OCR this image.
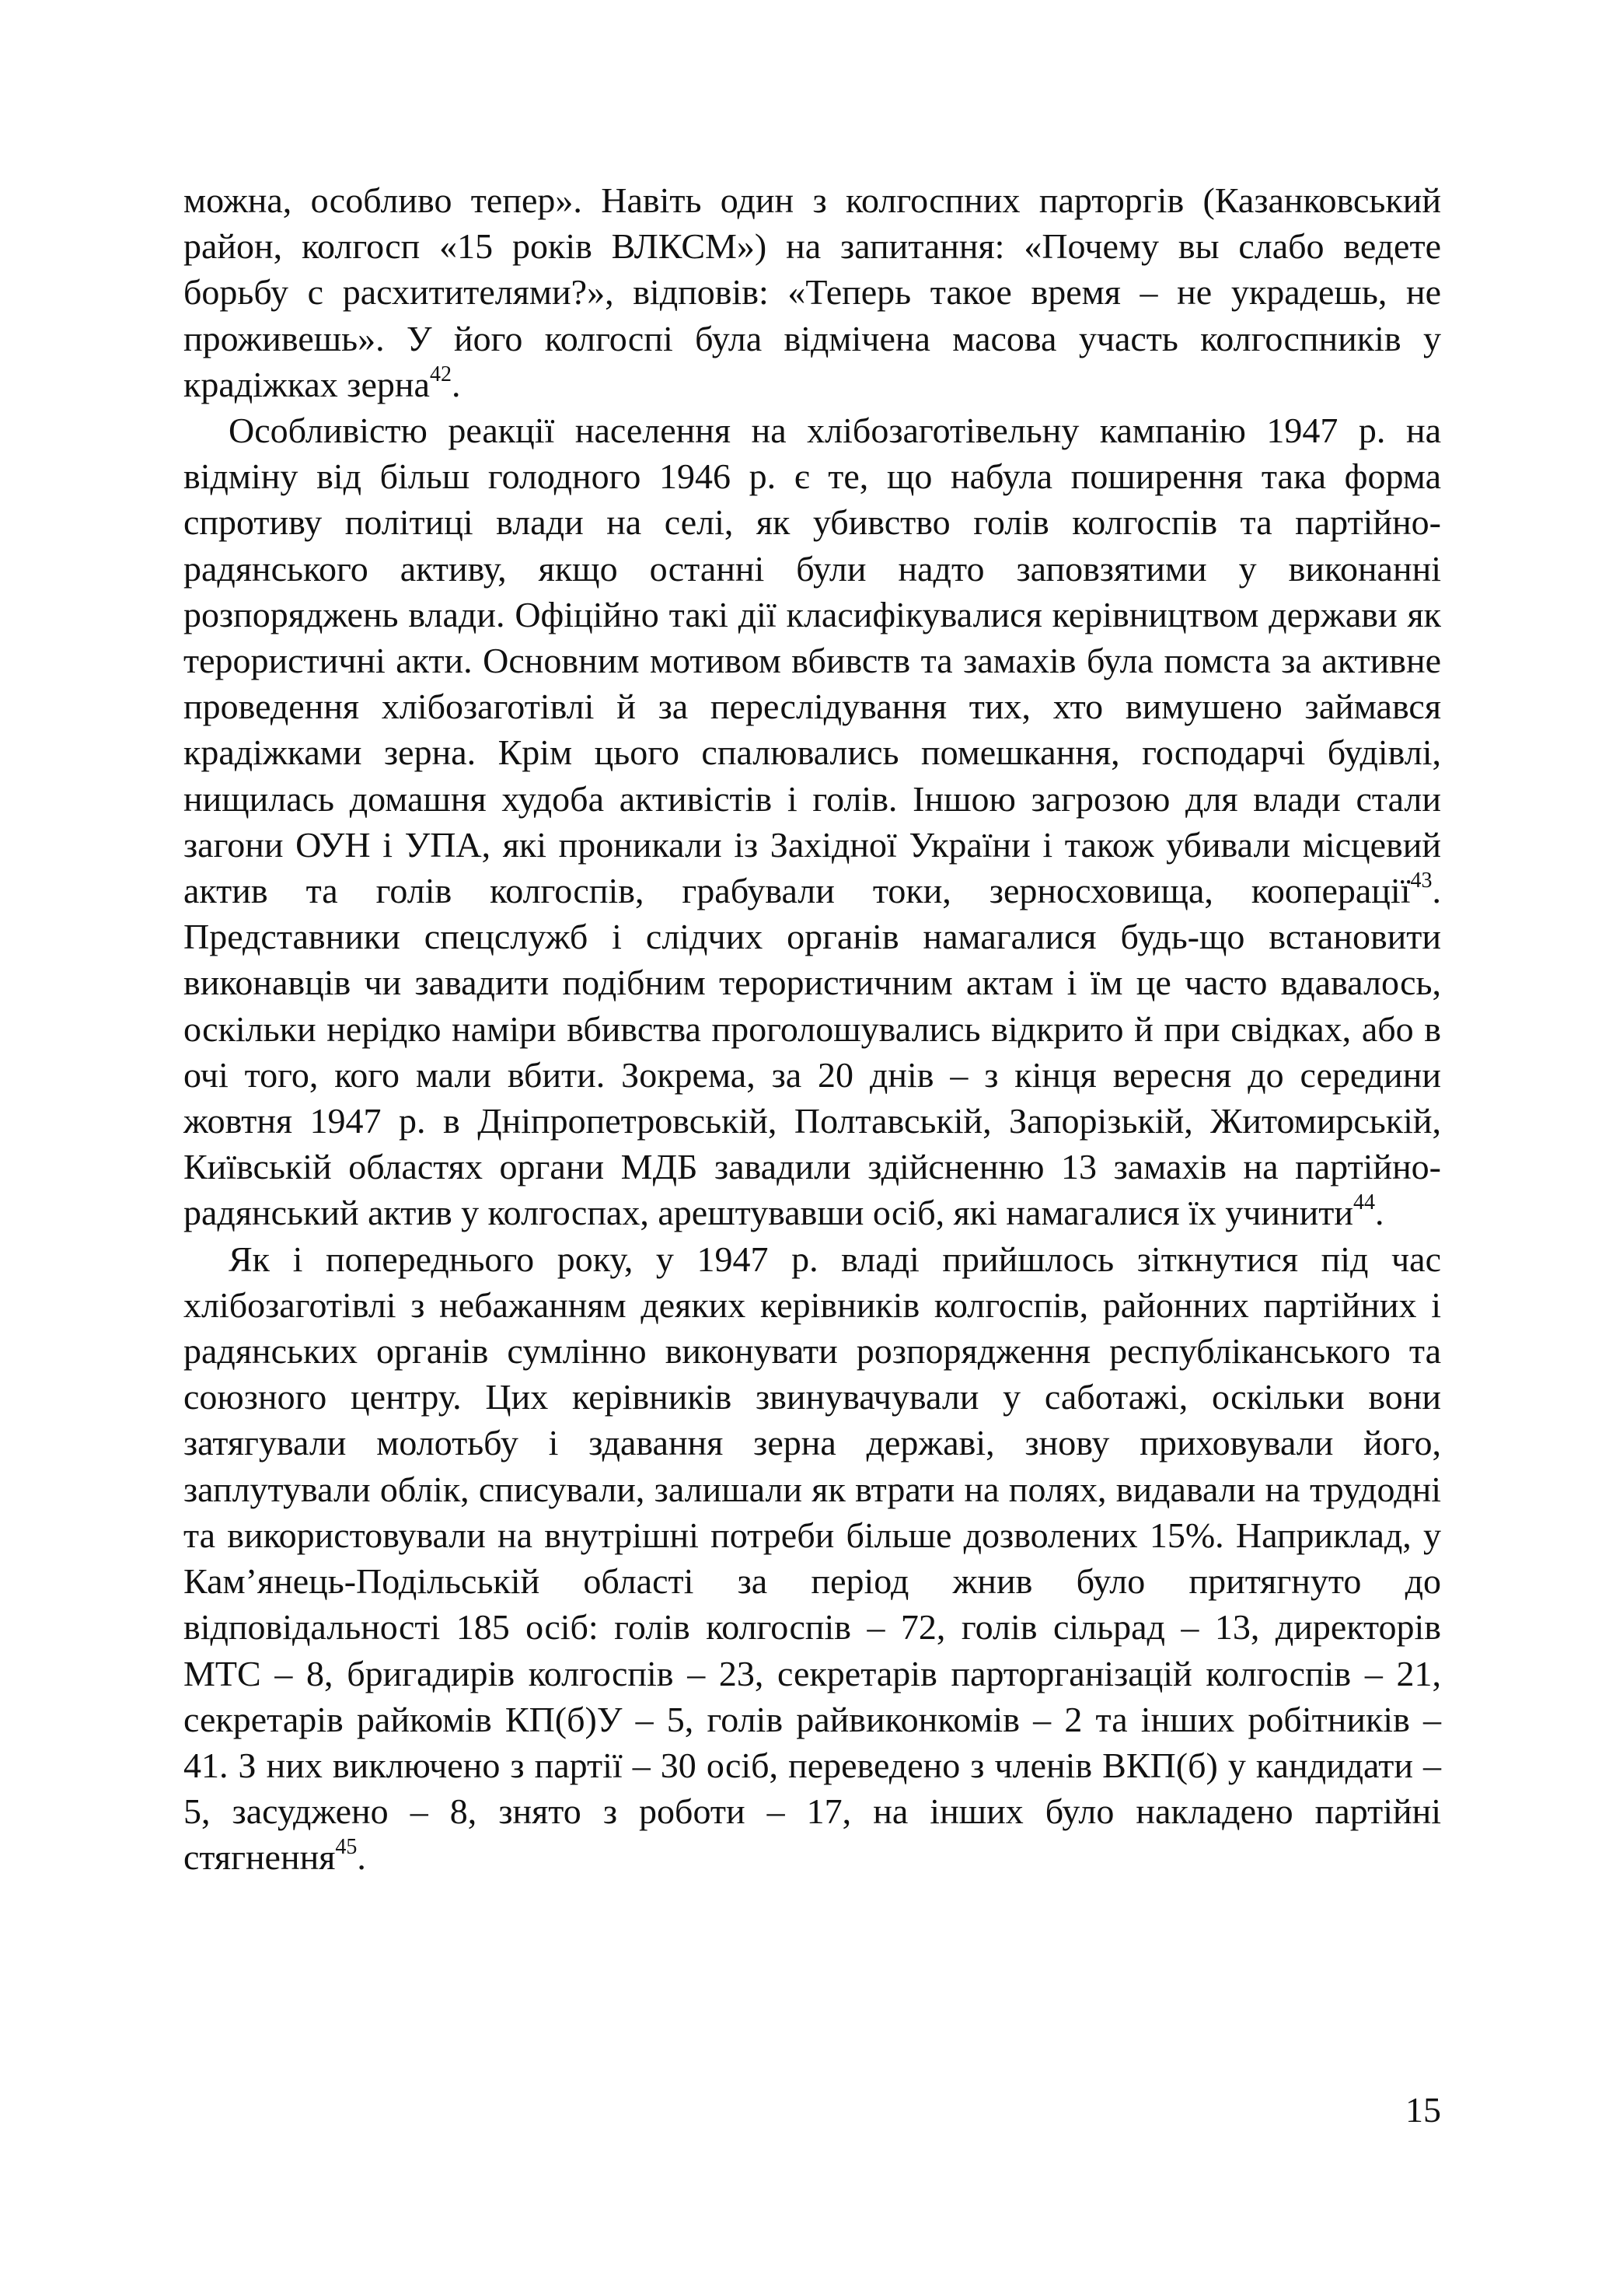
можна, особливо тепер». Навіть один з колгоспних парторгів (Казанковський район, колгосп «15 років ВЛКСМ») на запитання: «Почему вы слабо ведете борьбу с расхитителями?», відповів: «Теперь такое время – не украдешь, не проживешь». У його колгоспі була відмічена масова участь колгоспників у крадіжках зерна$^{42}$.

Особливістю реакції населення на хлібозаготівельну кампанію 1947 р. на відміну від більш голодного 1946 р. є те, що набула поширення така форма спротиву політиці влади на селі, як убивство голів колгоспів та партійно-радянського активу, якщо останні були надто заповзятими у виконанні розпоряджень влади. Офіційно такі дії класифікувалися керівництвом держави як терористичні акти. Основним мотивом вбивств та замахів була помста за активне проведення хлібозаготівлі й за переслідування тих, хто вимушено займався крадіжками зерна. Крім цього спалювались помешкання, господарчі будівлі, нищилась домашня худоба активістів і голів. Іншою загрозою для влади стали загони ОУН і УПА, які проникали із Західної України і також убивали місцевий актив та голів колгоспів, грабували токи, зерносховища, кооперації$^{43}$. Представники спецслужб і слідчих органів намагалися будь-що встановити виконавців чи завадити подібним терористичним актам і їм це часто вдавалось, оскільки нерідко наміри вбивства проголошувались відкрито й при свідках, або в очі того, кого мали вбити. Зокрема, за 20 днів – з кінця вересня до середини жовтня 1947 р. в Дніпропетровській, Полтавській, Запорізькій, Житомирській, Київській областях органи МДБ завадили здійсненню 13 замахів на партійно-радянський актив у колгоспах, арештувавши осіб, які намагалися їх учинити$^{44}$.

Як і попереднього року, у 1947 р. владі прийшлось зіткнутися під час хлібозаготівлі з небажанням деяких керівників колгоспів, районних партійних і радянських органів сумлінно виконувати розпорядження республіканського та союзного центру. Цих керівників звинувачували у саботажі, оскільки вони затягували молотьбу і здавання зерна державі, знову приховували його, заплутували облік, списували, залишали як втрати на полях, видавали на трудодні та використовували на внутрішні потреби більше дозволених 15%. Наприклад, у Кам’янець-Подільській області за період жнив було притягнуто до відповідальності 185 осіб: голів колгоспів – 72, голів сільрад – 13, директорів МТС – 8, бригадирів колгоспів – 23, секретарів парторганізацій колгоспів – 21, секретарів райкомів КП(б)У – 5, голів райвиконкомів – 2 та інших робітників – 41. З них виключено з партії – 30 осіб, переведено з членів ВКП(б) у кандидати – 5, засуджено – 8, знято з роботи – 17, на інших було накладено партійні стягнення$^{45}$.

15
